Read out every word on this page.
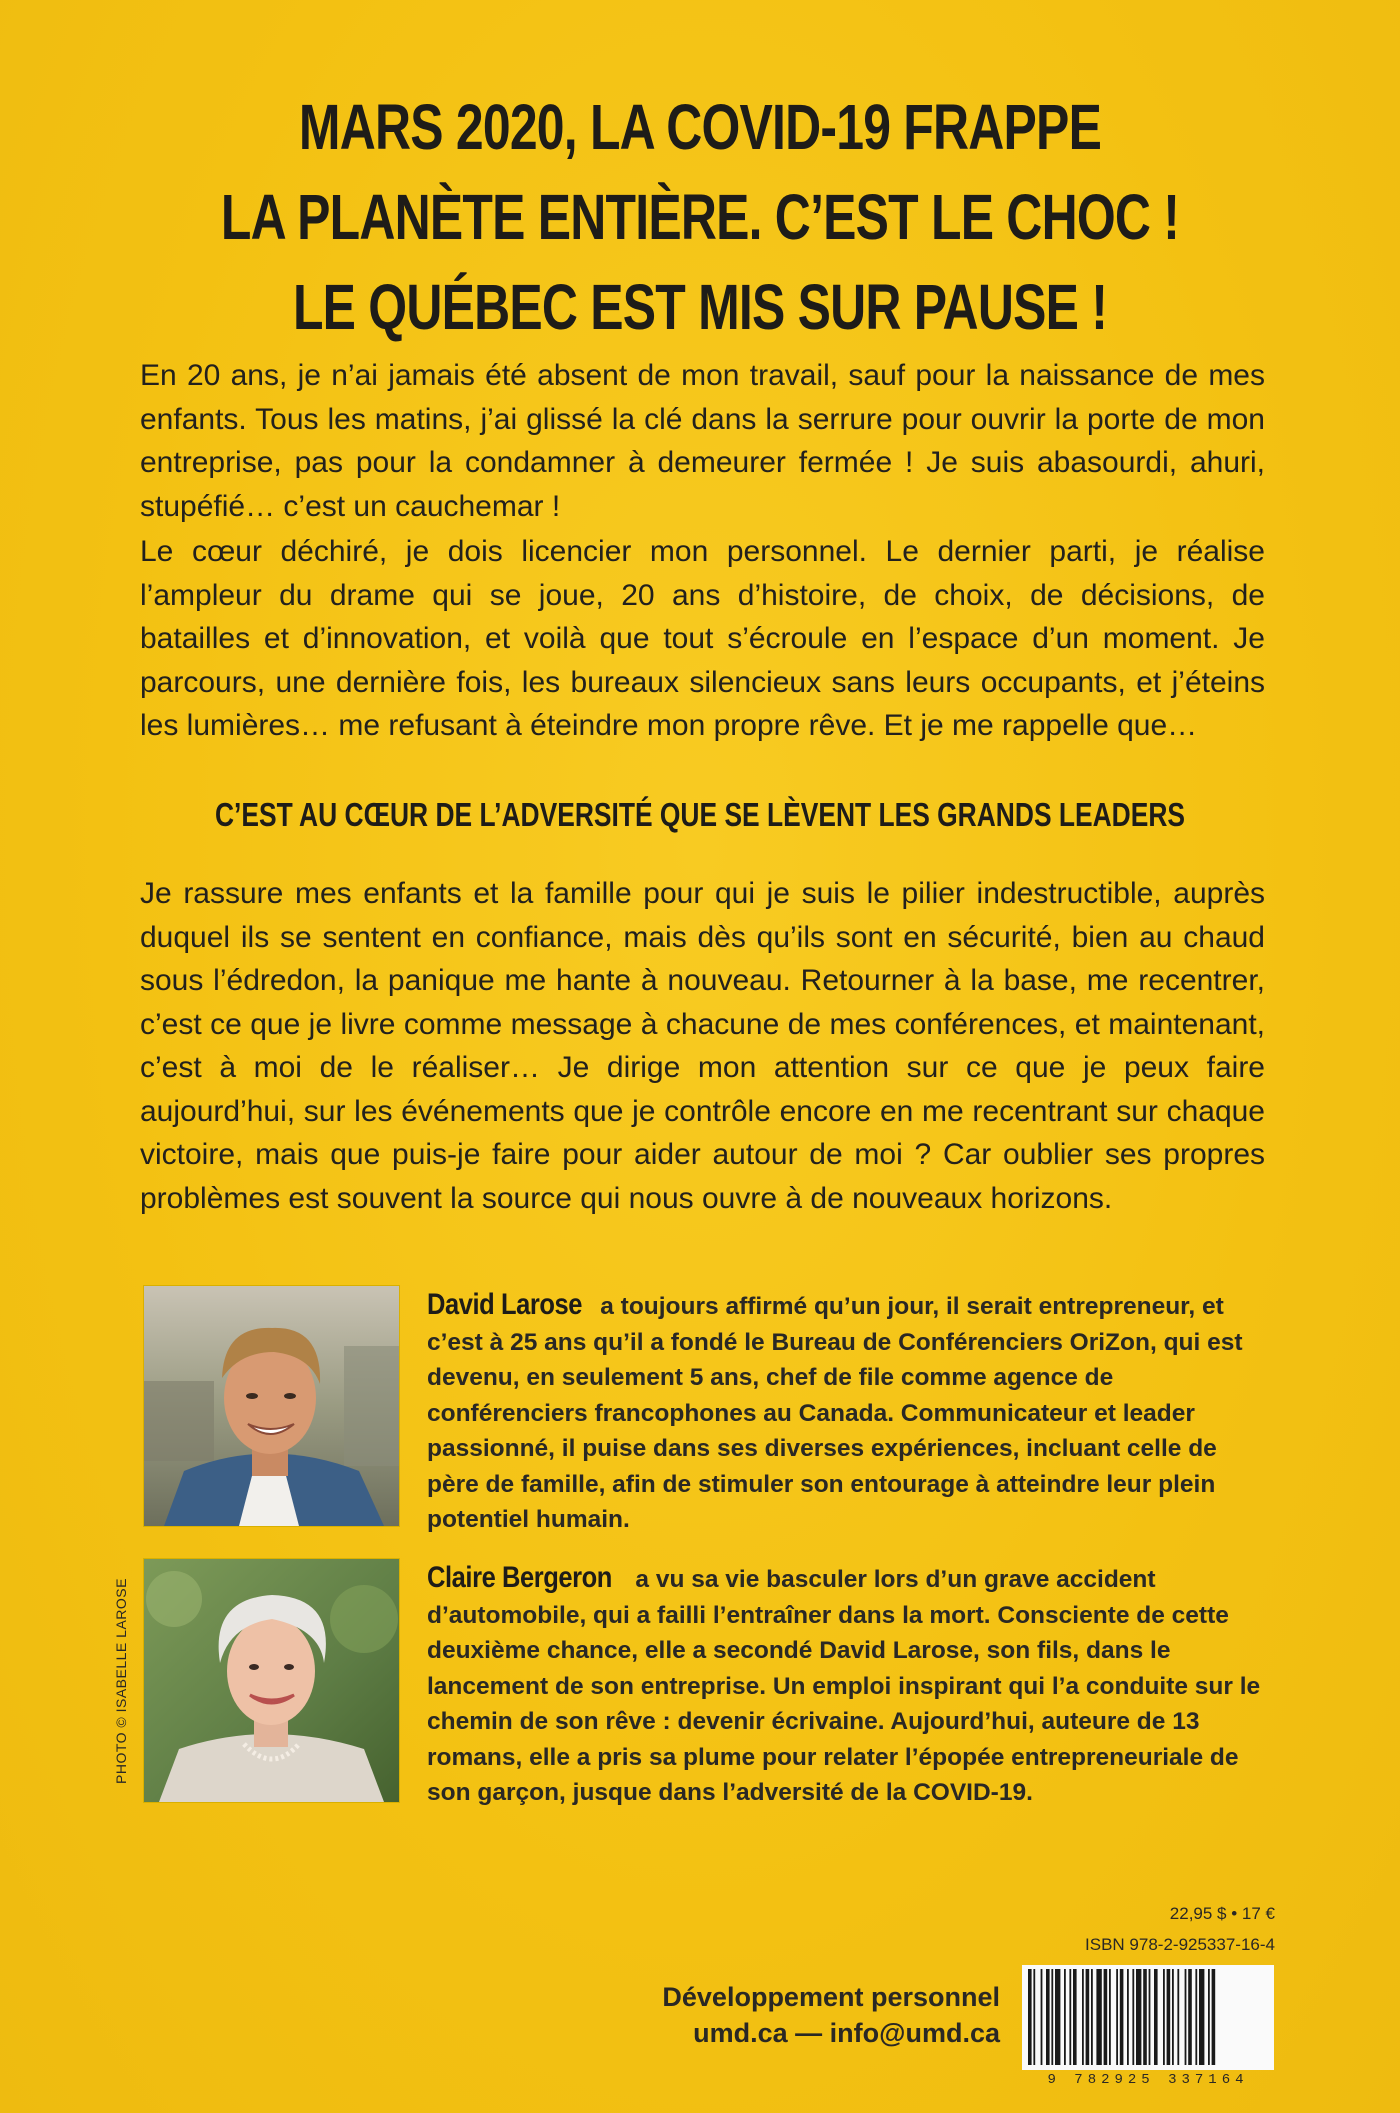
MARS 2020, LA COVID-19 FRAPPE
LA PLANÈTE ENTIÈRE. C’EST LE CHOC !
LE QUÉBEC EST MIS SUR PAUSE !

En 20 ans, je n’ai jamais été absent de mon travail, sauf pour la naissance de mes enfants. Tous les matins, j’ai glissé la clé dans la serrure pour ouvrir la porte de mon entreprise, pas pour la condamner à demeurer fermée ! Je suis abasourdi, ahuri, stupéfié… c’est un cauchemar !

Le cœur déchiré, je dois licencier mon personnel. Le dernier parti, je réalise l’ampleur du drame qui se joue, 20 ans d’histoire, de choix, de décisions, de batailles et d’innovation, et voilà que tout s’écroule en l’espace d’un moment. Je parcours, une dernière fois, les bureaux silencieux sans leurs occupants, et j’éteins les lumières… me refusant à éteindre mon propre rêve. Et je me rappelle que…

C’EST AU CŒUR DE L’ADVERSITÉ QUE SE LÈVENT LES GRANDS LEADERS

Je rassure mes enfants et la famille pour qui je suis le pilier indestructible, auprès duquel ils se sentent en confiance, mais dès qu’ils sont en sécurité, bien au chaud sous l’édredon, la panique me hante à nouveau. Retourner à la base, me recentrer, c’est ce que je livre comme message à chacune de mes conférences, et maintenant, c’est à moi de le réaliser… Je dirige mon attention sur ce que je peux faire aujourd’hui, sur les événements que je contrôle encore en me recentrant sur chaque victoire, mais que puis-je faire pour aider autour de moi ? Car oublier ses propres problèmes est souvent la source qui nous ouvre à de nouveaux horizons.

David Larose a toujours affirmé qu’un jour, il serait entrepreneur, et c’est à 25 ans qu’il a fondé le Bureau de Conférenciers OriZon, qui est devenu, en seulement 5 ans, chef de file comme agence de conférenciers francophones au Canada. Communicateur et leader passionné, il puise dans ses diverses expériences, incluant celle de père de famille, afin de stimuler son entourage à atteindre leur plein potentiel humain.
PHOTO © ISABELLE LAROSE
Claire Bergeron a vu sa vie basculer lors d’un grave accident d’automobile, qui a failli l’entraîner dans la mort. Consciente de cette deuxième chance, elle a secondé David Larose, son fils, dans le lancement de son entreprise. Un emploi inspirant qui l’a conduite sur le chemin de son rêve : devenir écrivaine. Aujourd’hui, auteure de 13 romans, elle a pris sa plume pour relater l’épopée entrepreneuriale de son garçon, jusque dans l’adversité de la COVID-19.
22,95 $ • 17 €
ISBN 978-2-925337-16-4
9 782925 337164
Développement personnel
umd.ca — info@umd.ca
